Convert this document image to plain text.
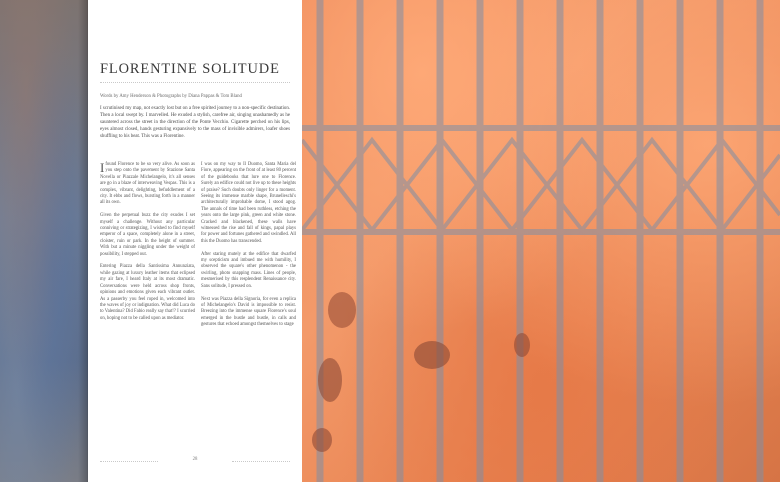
FLORENTINE SOLITUDE
Words by Amy Henderson & Photographs by Diana Pappas & Tom Bland
I scrutinised my map, not exactly lost but on a free spirited journey to a non-specific destination. Then a local swept by. I marvelled. He exuded a stylish, carefree air, singing unashamedly as he sauntered across the street in the direction of the Ponte Vecchio. Cigarette perched on his lips, eyes almost closed, hands gesturing expansively to the mass of invisible admirers, loafer shoes shuffling to his beat. This was a Florentine.

Ifound Florence to be so very alive. As soon as you step onto the pavement by Stazione Santa Novella or Piazzale Michelangelo, it's all senses are go in a blaze of interweaving Vespas. This is a complex, vibrant, delighting, befuddlement of a city. It ebbs and flows, bursting forth in a manner all its own.

Given the perpetual buzz the city exudes I set myself a challenge. Without any particular conniving or strategizing, I wished to find myself emperor of a space, completely alone in a street, cloister, ruin or park. In the height of summer. With but a minute niggling under the weight of possibility, I stepped out.

Entering Piazza della Santissima Annunziata, while gazing at luxury leather items that eclipsed my air fare, I heard Italy at its most dramatic. Conversations were held across shop fronts, opinions and emotions given each vibrant outlet. As a passerby you feel roped in, welcomed into the waves of joy or indignation. What did Luca do to Valentina? Did Fabio really say that!? I scurried on, hoping not to be called upon as mediator.

I was on my way to Il Duomo, Santa Maria del Fiore, appearing on the front of at least 80 percent of the guidebooks that lure one to Florence. Surely an edifice could not live up to these heights of praise? Such doubts only linger for a moment. Seeing its immense marble shape, Brunelleschi's architecturally improbable dome, I stood agog. The annals of time had been ruthless, etching the years onto the large pink, green and white stone. Cracked and blackened, these walls have witnessed the rise and fall of kings, papal plays for power and fortunes gathered and swindled. All this the Duomo has transcended.

After staring mutely at the edifice that dwarfed my scepticism and imbued me with humility, I observed the square's other phenomenon - the swirling, photo snapping mass. Lines of people, mesmerised by this resplendent Renaissance city. Sans solitude, I pressed on.

Next was Piazza della Signoria, for even a replica of Michelangelo's David is impossible to resist. Breezing into the immense square Florence's soul emerged in the bustle and bustle, in calls and gestures that echoed amongst themselves to stage

28
